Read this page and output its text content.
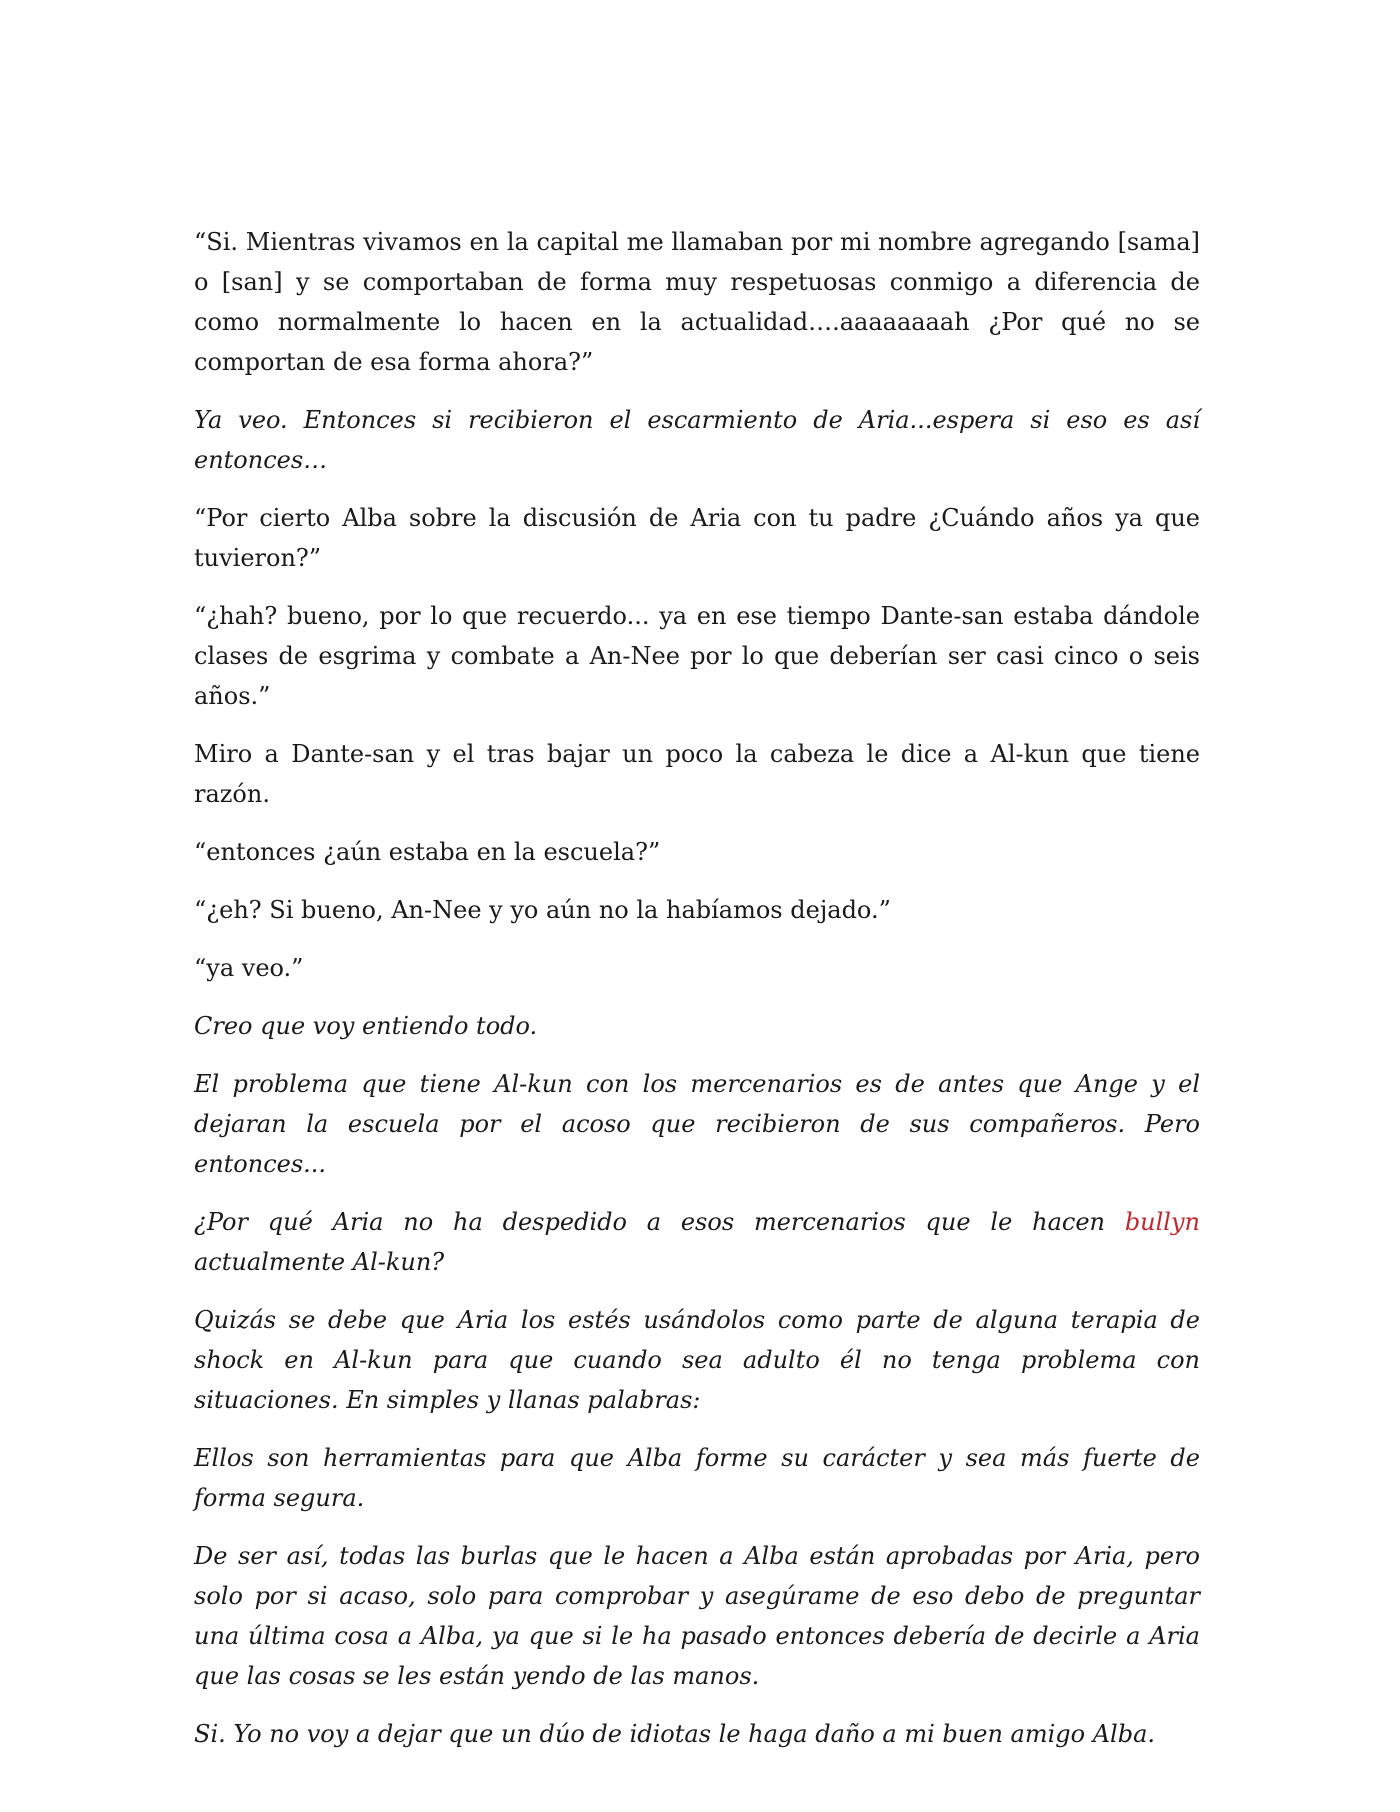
“Si. Mientras vivamos en la capital me llamaban por mi nombre agregando [sama] o [san] y se comportaban de forma muy respetuosas conmigo a diferencia de como normalmente lo hacen en la actualidad….aaaaaaaah ¿Por qué no se comportan de esa forma ahora?”

Ya veo. Entonces si recibieron el escarmiento de Aria...espera si eso es así entonces…

“Por cierto Alba sobre la discusión de Aria con tu padre ¿Cuándo años ya que tuvieron?”

“¿hah? bueno, por lo que recuerdo... ya en ese tiempo Dante-san estaba dándole clases de esgrima y combate a An-Nee por lo que deberían ser casi cinco o seis años.”

Miro a Dante-san y el tras bajar un poco la cabeza le dice a Al-kun que tiene razón.

“entonces ¿aún estaba en la escuela?”

“¿eh? Si bueno, An-Nee y yo aún no la habíamos dejado.”

“ya veo.”

Creo que voy entiendo todo.

El problema que tiene Al-kun con los mercenarios es de antes que Ange y el dejaran la escuela por el acoso que recibieron de sus compañeros. Pero entonces...

¿Por qué Aria no ha despedido a esos mercenarios que le hacen bullyn actualmente Al-kun?

Quizás se debe que Aria los estés usándolos como parte de alguna terapia de shock en Al-kun para que cuando sea adulto él no tenga problema con situaciones. En simples y llanas palabras:

Ellos son herramientas para que Alba forme su carácter y sea más fuerte de forma segura.

De ser así, todas las burlas que le hacen a Alba están aprobadas por Aria, pero solo por si acaso, solo para comprobar y asegúrame de eso debo de preguntar una última cosa a Alba, ya que si le ha pasado entonces debería de decirle a Aria que las cosas se les están yendo de las manos.

Si. Yo no voy a dejar que un dúo de idiotas le haga daño a mi buen amigo Alba.
